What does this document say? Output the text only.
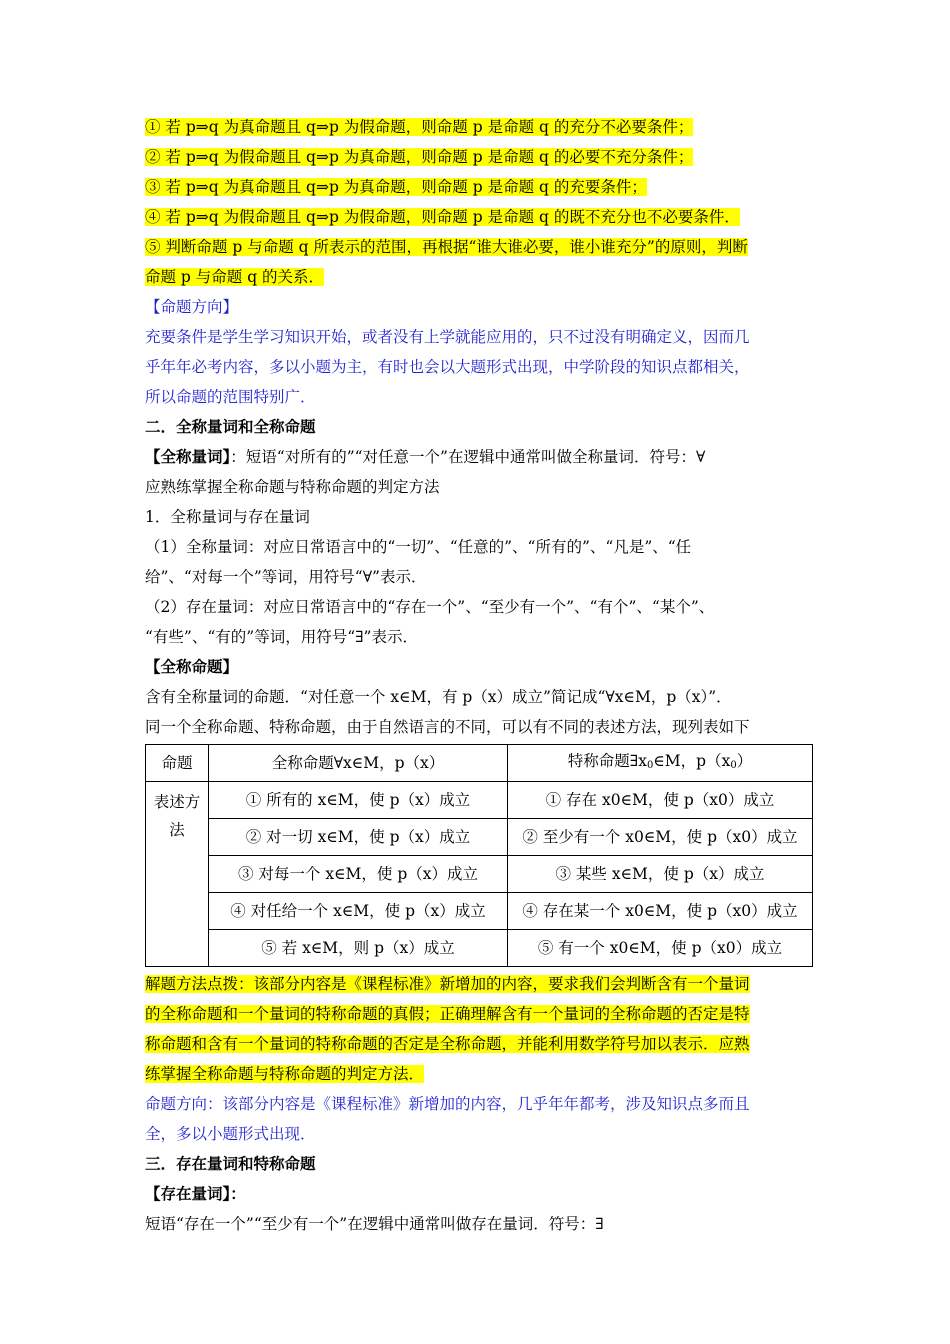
① 若 p⇒q 为真命题且 q⇒p 为假命题，则命题 p 是命题 q 的充分不必要条件；
② 若 p⇒q 为假命题且 q⇒p 为真命题，则命题 p 是命题 q 的必要不充分条件；
③ 若 p⇒q 为真命题且 q⇒p 为真命题，则命题 p 是命题 q 的充要条件；
④ 若 p⇒q 为假命题且 q⇒p 为假命题，则命题 p 是命题 q 的既不充分也不必要条件．
⑤ 判断命题 p 与命题 q 所表示的范围，再根据“谁大谁必要，谁小谁充分”的原则，判断
命题 p 与命题 q 的关系．
【命题方向】
充要条件是学生学习知识开始，或者没有上学就能应用的，只不过没有明确定义，因而几
乎年年必考内容，多以小题为主，有时也会以大题形式出现，中学阶段的知识点都相关，
所以命题的范围特别广．
二．全称量词和全称命题
【全称量词】：短语“对所有的”“对任意一个”在逻辑中通常叫做全称量词．符号：∀
应熟练掌握全称命题与特称命题的判定方法
1．全称量词与存在量词
（1）全称量词：对应日常语言中的“一切”、“任意的”、“所有的”、“凡是”、“任
给”、“对每一个”等词，用符号“∀”表示．
（2）存在量词：对应日常语言中的“存在一个”、“至少有一个”、“有个”、“某个”、
“有些”、“有的”等词，用符号“∃”表示．
【全称命题】
含有全称量词的命题．“对任意一个 x∈M，有 p（x）成立”简记成“∀x∈M，p（x）”．
同一个全称命题、特称命题，由于自然语言的不同，可以有不同的表述方法，现列表如下
命题	全称命题∀x∈M，p（x）	特称命题$\exists x_0\in M$，$p(x_0)$
表述方
法	① 所有的 x∈M，使 p（x）成立	① 存在 x0∈M，使 p（x0）成立
	② 对一切 x∈M，使 p（x）成立	② 至少有一个 x0∈M，使 p（x0）成立
	③ 对每一个 x∈M，使 p（x）成立	③ 某些 x∈M，使 p（x）成立
	④ 对任给一个 x∈M，使 p（x）成立	④ 存在某一个 x0∈M，使 p（x0）成立
	⑤ 若 x∈M，则 p（x）成立	⑤ 有一个 x0∈M，使 p（x0）成立
解题方法点拨：该部分内容是《课程标准》新增加的内容，要求我们会判断含有一个量词
的全称命题和一个量词的特称命题的真假；正确理解含有一个量词的全称命题的否定是特
称命题和含有一个量词的特称命题的否定是全称命题，并能利用数学符号加以表示．应熟
练掌握全称命题与特称命题的判定方法．
命题方向：该部分内容是《课程标准》新增加的内容，几乎年年都考，涉及知识点多而且
全，多以小题形式出现．
三．存在量词和特称命题
【存在量词】：
短语“存在一个”“至少有一个”在逻辑中通常叫做存在量词．符号：∃
